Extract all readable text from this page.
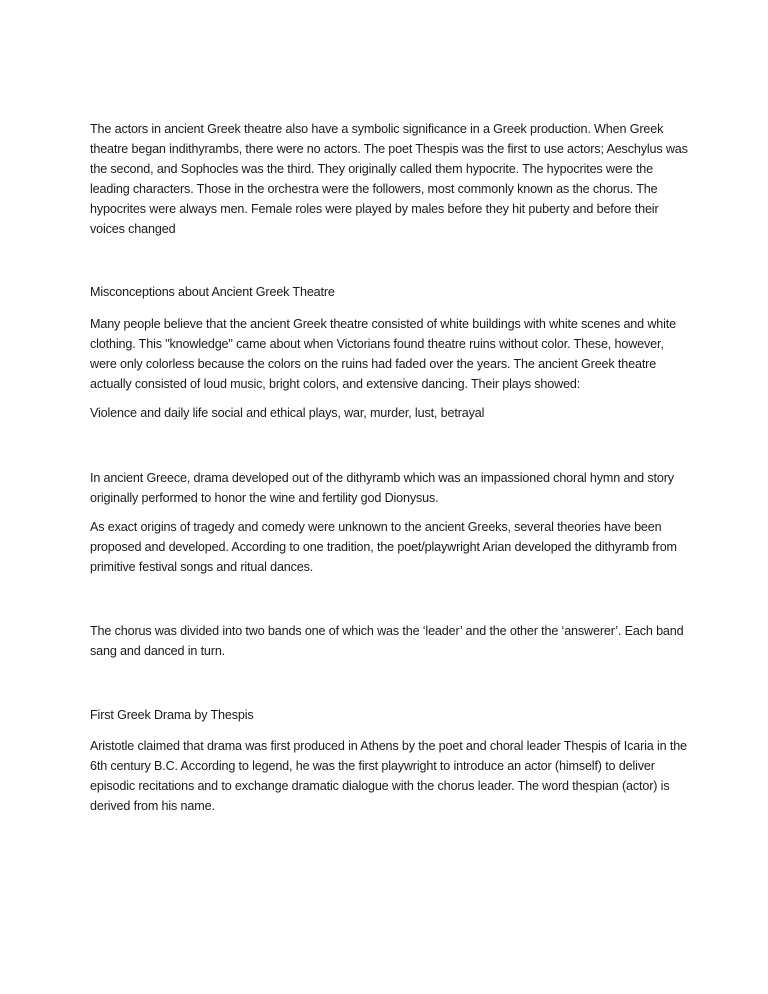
The actors in ancient Greek theatre also have a symbolic significance in a Greek production. When Greek theatre began indithyrambs, there were no actors. The poet Thespis was the first to use actors; Aeschylus was the second, and Sophocles was the third. They originally called them hypocrite. The hypocrites were the leading characters. Those in the orchestra were the followers, most commonly known as the chorus. The hypocrites were always men. Female roles were played by males before they hit puberty and before their voices changed

Misconceptions about Ancient Greek Theatre

Many people believe that the ancient Greek theatre consisted of white buildings with white scenes and white clothing. This "knowledge" came about when Victorians found theatre ruins without color. These, however, were only colorless because the colors on the ruins had faded over the years. The ancient Greek theatre actually consisted of loud music, bright colors, and extensive dancing. Their plays showed:

Violence and daily life social and ethical plays, war, murder, lust, betrayal

In ancient Greece, drama developed out of the dithyramb which was an impassioned choral hymn and story originally performed to honor the wine and fertility god Dionysus.

As exact origins of tragedy and comedy were unknown to the ancient Greeks, several theories have been proposed and developed. According to one tradition, the poet/playwright Arian developed the dithyramb from primitive festival songs and ritual dances.

The chorus was divided into two bands one of which was the ‘leader’ and the other the ‘answerer’. Each band sang and danced in turn.

First Greek Drama by Thespis

Aristotle claimed that drama was first produced in Athens by the poet and choral leader Thespis of Icaria in the 6th century B.C. According to legend, he was the first playwright to introduce an actor (himself) to deliver episodic recitations and to exchange dramatic dialogue with the chorus leader. The word thespian (actor) is derived from his name.
